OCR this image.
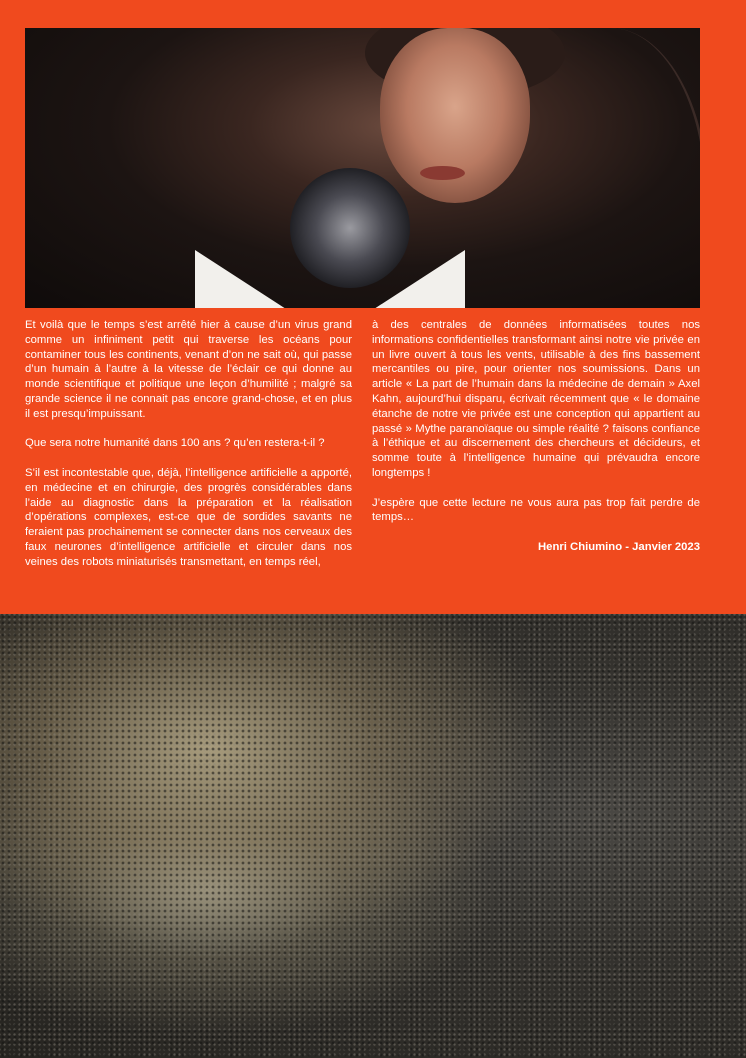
Et voilà que le temps s’est arrêté hier à cause d’un virus grand comme un infiniment petit qui traverse les océans pour contaminer tous les continents, venant d’on ne sait où, qui passe d’un humain à l’autre à la vitesse de l’éclair ce qui donne au monde scientifique et politique une leçon d’humilité ; malgré sa grande science il ne connait pas encore grand-chose, et en plus il est presqu’impuissant.

Que sera notre humanité dans 100 ans ? qu’en restera-t-il ?

S’il est incontestable que, déjà, l’intelligence artificielle a apporté, en médecine et en chirurgie, des progrès considérables dans l’aide au diagnostic dans la préparation et la réalisation d’opérations complexes, est-ce que de sordides savants ne feraient pas prochainement se connecter dans nos cerveaux des faux neurones d’intelligence artificielle et circuler dans nos veines des robots miniaturisés transmettant, en temps réel,

à des centrales de données informatisées toutes nos informations confidentielles transformant ainsi notre vie privée en un livre ouvert à tous les vents, utilisable à des fins bassement mercantiles ou pire, pour orienter nos soumissions. Dans un article « La part de l’humain dans la médecine de demain » Axel Kahn, aujourd’hui disparu, écrivait récemment que « le domaine étanche de notre vie privée est une conception qui appartient au passé » Mythe paranoïaque ou simple réalité ? faisons confiance à l’éthique et au discernement des chercheurs et décideurs, et somme toute à l’intelligence humaine qui prévaudra encore longtemps !

J’espère que cette lecture ne vous aura pas trop fait perdre de temps…

Henri Chiumino - Janvier 2023
